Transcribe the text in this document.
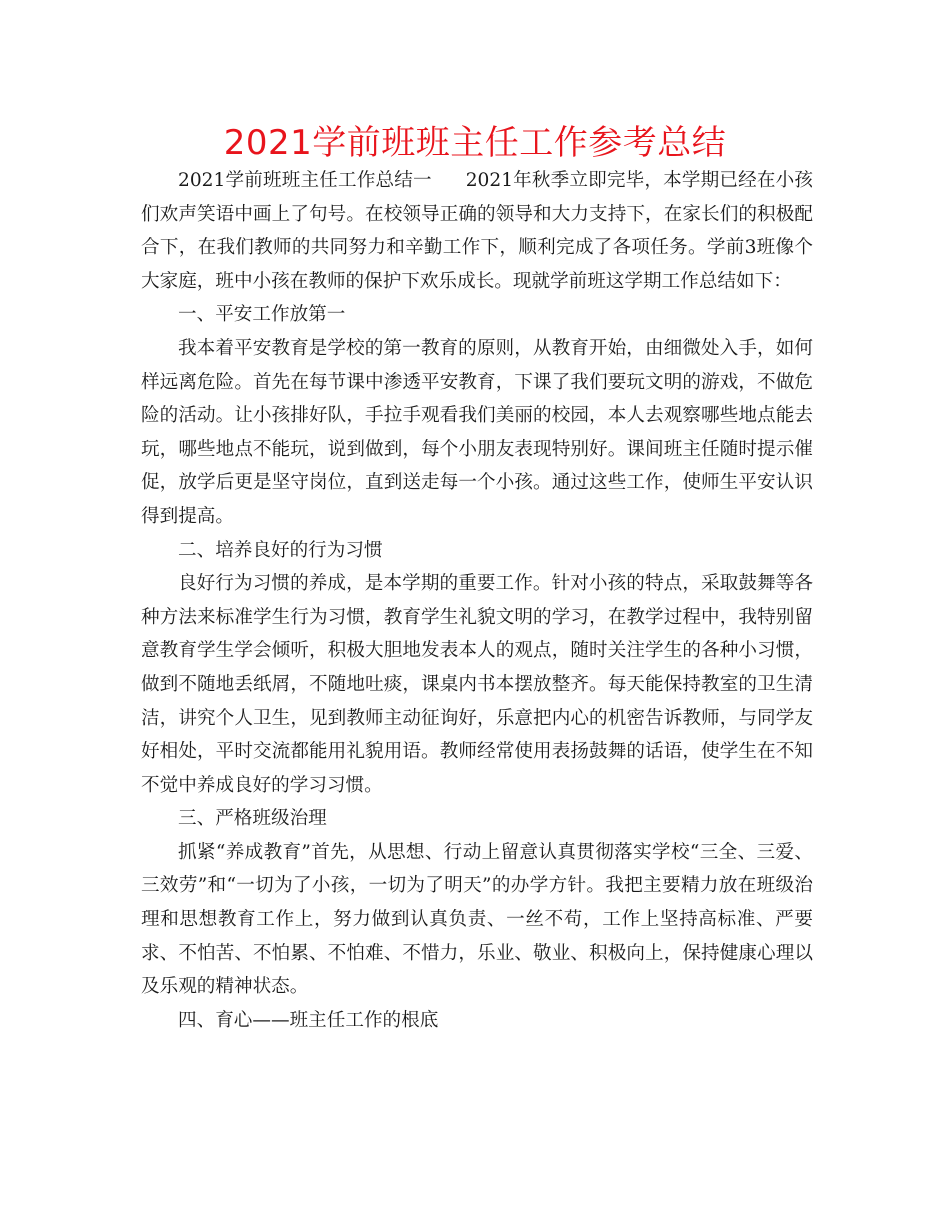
2021学前班班主任工作参考总结

2021学前班班主任工作总结一 2021年秋季立即完毕，本学期已经在小孩们欢声笑语中画上了句号。在校领导正确的领导和大力支持下，在家长们的积极配合下，在我们教师的共同努力和辛勤工作下，顺利完成了各项任务。学前3班像个大家庭，班中小孩在教师的保护下欢乐成长。现就学前班这学期工作总结如下：

一、平安工作放第一

我本着平安教育是学校的第一教育的原则，从教育开始，由细微处入手，如何样远离危险。首先在每节课中渗透平安教育，下课了我们要玩文明的游戏，不做危险的活动。让小孩排好队，手拉手观看我们美丽的校园，本人去观察哪些地点能去玩，哪些地点不能玩，说到做到，每个小朋友表现特别好。课间班主任随时提示催促，放学后更是坚守岗位，直到送走每一个小孩。通过这些工作，使师生平安认识得到提高。

二、培养良好的行为习惯

良好行为习惯的养成，是本学期的重要工作。针对小孩的特点，采取鼓舞等各种方法来标准学生行为习惯，教育学生礼貌文明的学习，在教学过程中，我特别留意教育学生学会倾听，积极大胆地发表本人的观点，随时关注学生的各种小习惯，做到不随地丢纸屑，不随地吐痰，课桌内书本摆放整齐。每天能保持教室的卫生清洁，讲究个人卫生，见到教师主动征询好，乐意把内心的机密告诉教师，与同学友好相处，平时交流都能用礼貌用语。教师经常使用表扬鼓舞的话语，使学生在不知不觉中养成良好的学习习惯。

三、严格班级治理

抓紧“养成教育”首先，从思想、行动上留意认真贯彻落实学校“三全、三爱、三效劳”和“一切为了小孩，一切为了明天”的办学方针。我把主要精力放在班级治理和思想教育工作上，努力做到认真负责、一丝不苟，工作上坚持高标准、严要求、不怕苦、不怕累、不怕难、不惜力，乐业、敬业、积极向上，保持健康心理以及乐观的精神状态。

四、育心——班主任工作的根底
